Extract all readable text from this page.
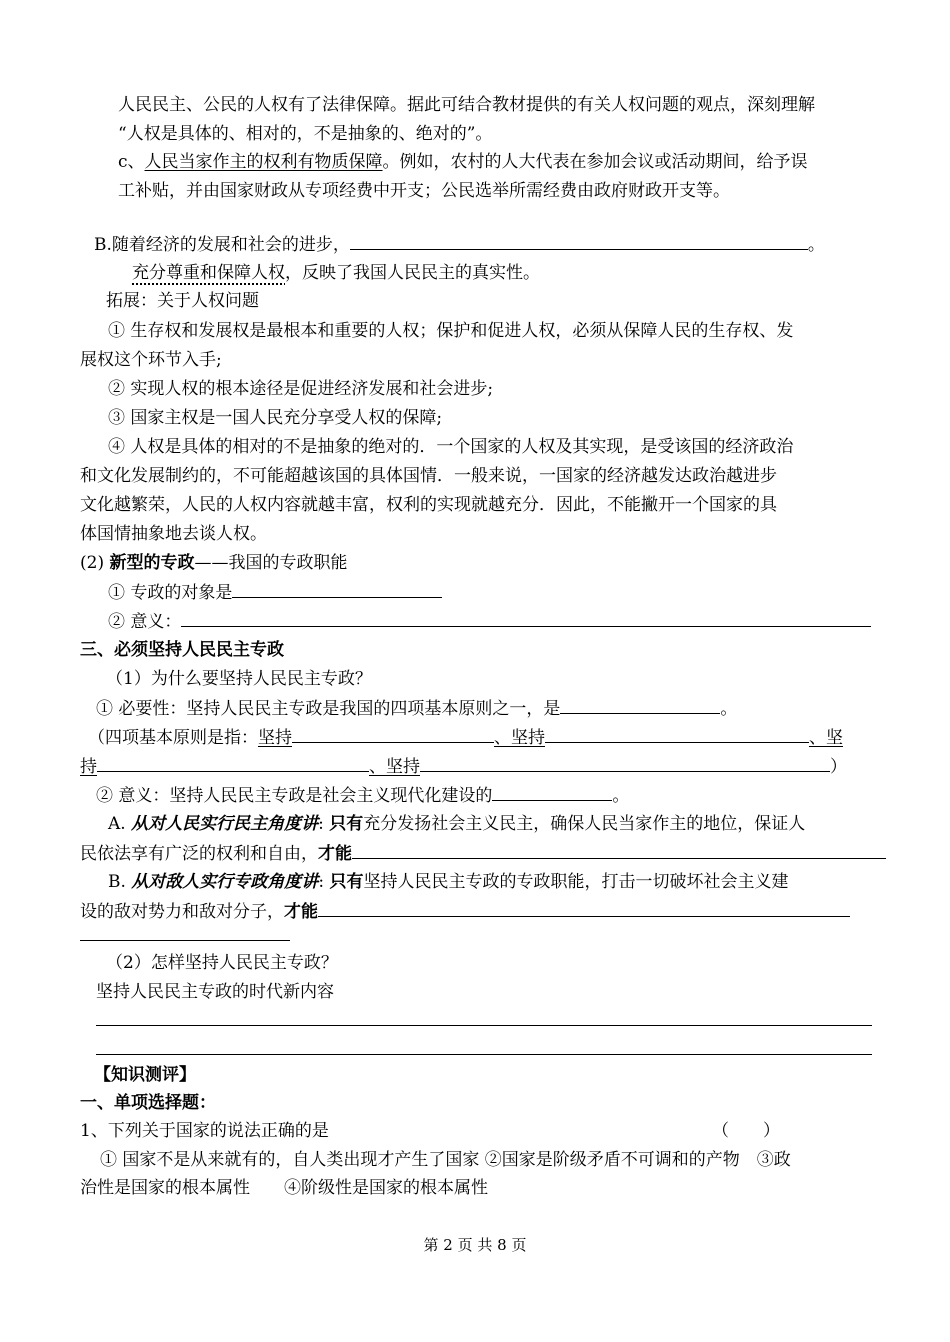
人民民主、公民的人权有了法律保障。据此可结合教材提供的有关人权问题的观点，深刻理解
“人权是具体的、相对的，不是抽象的、绝对的”。
c、人民当家作主的权利有物质保障。例如，农村的人大代表在参加会议或活动期间，给予误
工补贴，并由国家财政从专项经费中开支；公民选举所需经费由政府财政开支等。
B.随着经济的发展和社会的进步，	。
充分尊重和保障人权，反映了我国人民民主的真实性。
拓展：关于人权问题
① 生存权和发展权是最根本和重要的人权；保护和促进人权，必须从保障人民的生存权、发
展权这个环节入手;
② 实现人权的根本途径是促进经济发展和社会进步;
③ 国家主权是一国人民充分享受人权的保障;
④ 人权是具体的相对的不是抽象的绝对的．一个国家的人权及其实现，是受该国的经济政治
和文化发展制约的，不可能超越该国的具体国情．一般来说，一国家的经济越发达政治越进步
文化越繁荣，人民的人权内容就越丰富，权利的实现就越充分．因此，不能撇开一个国家的具
体国情抽象地去谈人权。
(2) 新型的专政——我国的专政职能
① 专政的对象是
② 意义：
三、必须坚持人民民主专政
（1）为什么要坚持人民民主专政？
① 必要性：坚持人民民主专政是我国的四项基本原则之一，是	。
（四项基本原则是指：坚持	、坚持	、坚
持	、坚持	）
② 意义：坚持人民民主专政是社会主义现代化建设的	。
A. 从对人民实行民主角度讲: 只有充分发扬社会主义民主，确保人民当家作主的地位，保证人
民依法享有广泛的权利和自由，才能
B. 从对敌人实行专政角度讲: 只有坚持人民民主专政的专政职能，打击一切破坏社会主义建
设的敌对势力和敌对分子，才能
（2）怎样坚持人民民主专政？
坚持人民民主专政的时代新内容
【知识测评】
一、单项选择题：
1、下列关于国家的说法正确的是	（　　）
① 国家不是从来就有的，自人类出现才产生了国家 ②国家是阶级矛盾不可调和的产物　③政
治性是国家的根本属性　　④阶级性是国家的根本属性
第 2 页 共 8 页
